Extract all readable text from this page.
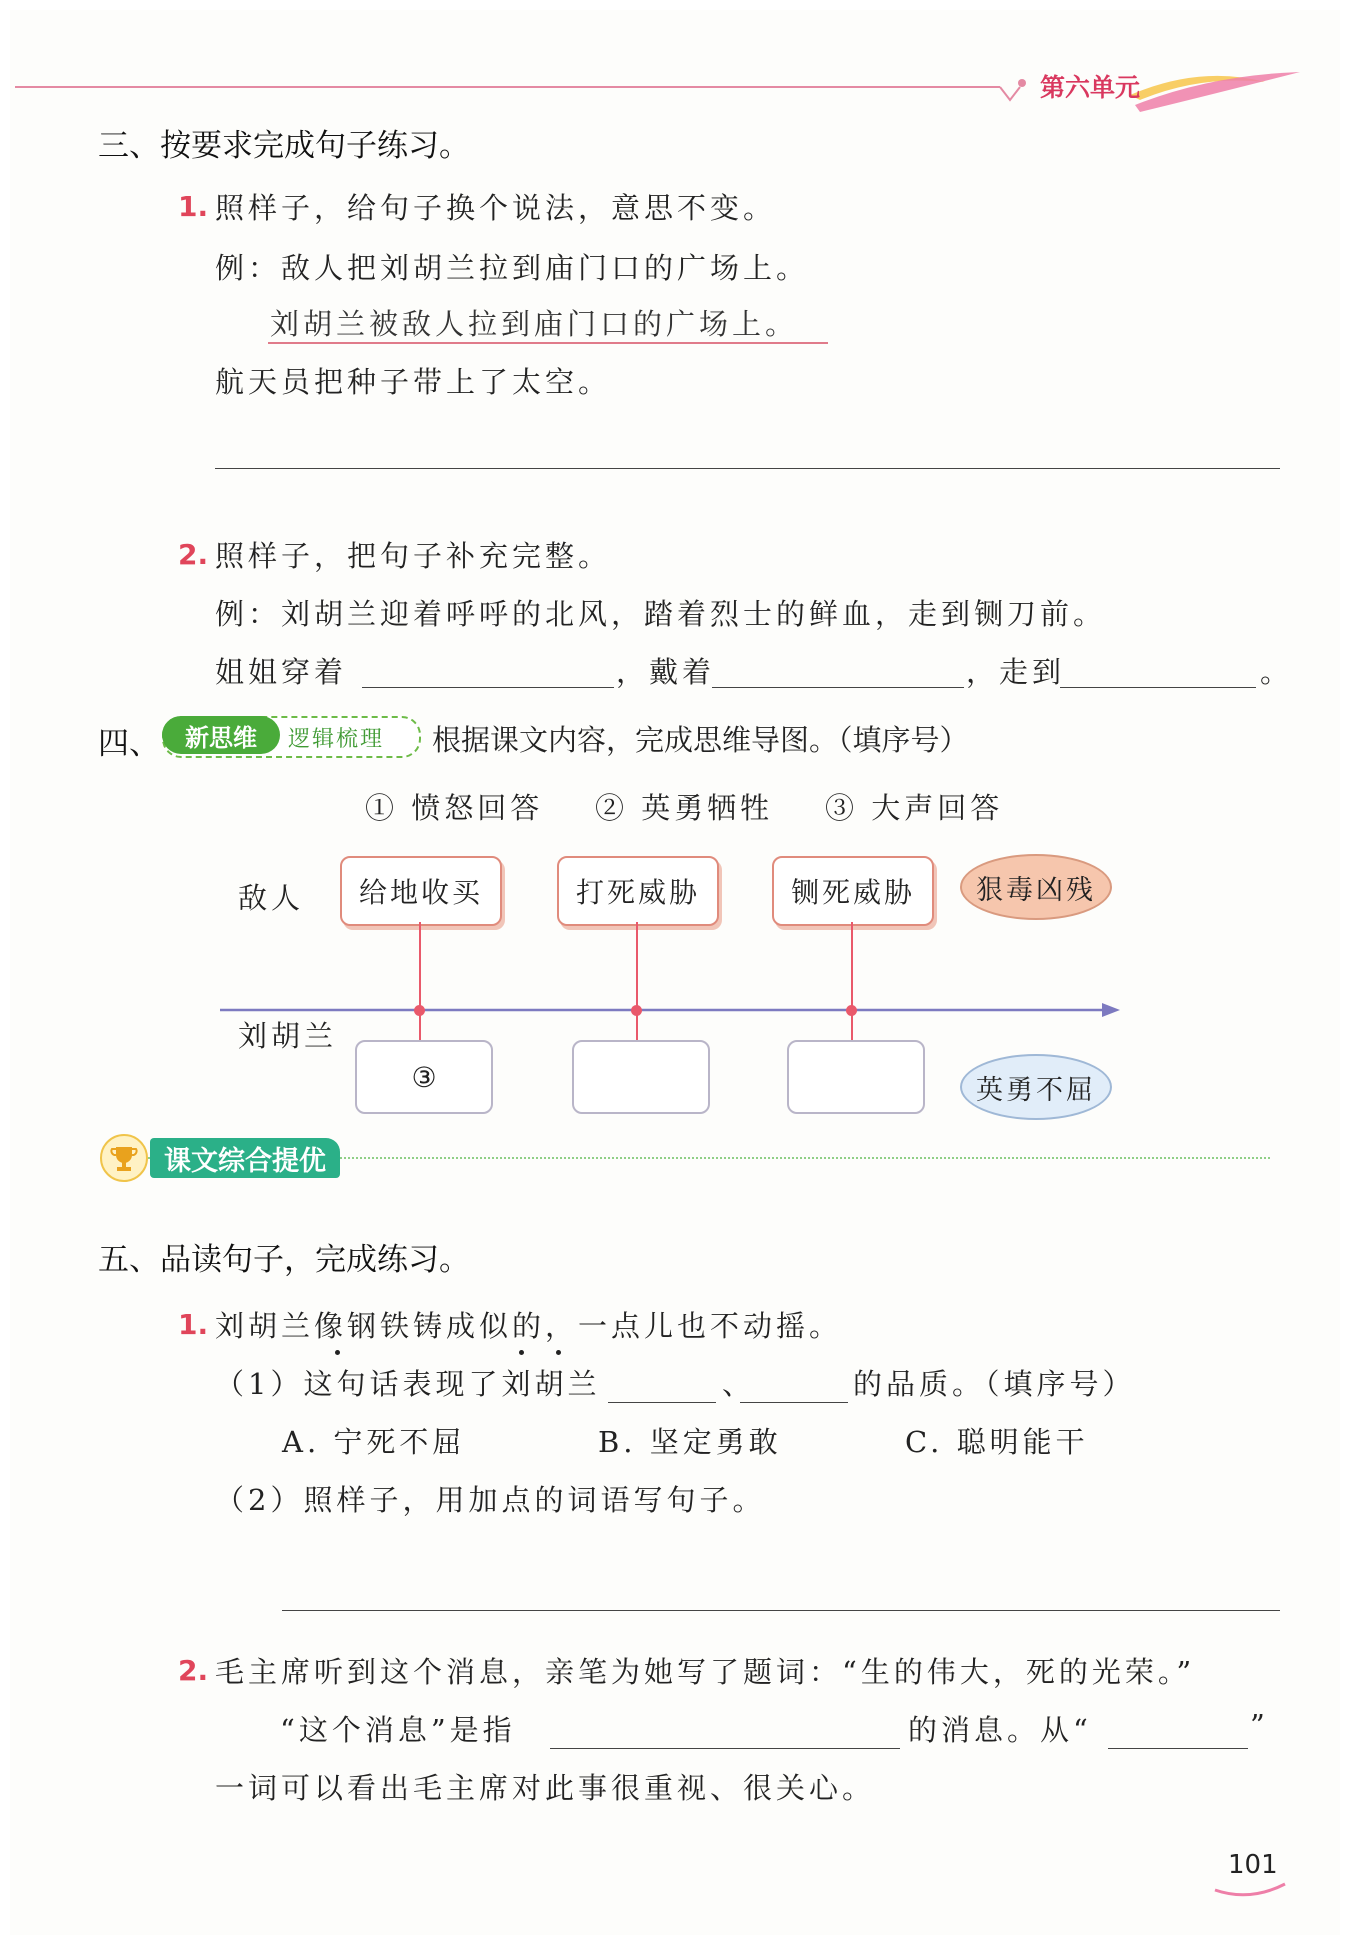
第六单元
三、按要求完成句子练习。
1. 照样子，给句子换个说法，意思不变。
例：敌人把刘胡兰拉到庙门口的广场上。
刘胡兰被敌人拉到庙门口的广场上。
航天员把种子带上了太空。
2. 照样子，把句子补充完整。
例：刘胡兰迎着呼呼的北风，踏着烈士的鲜血，走到铡刀前。
姐姐穿着	，戴着	，走到	。
四、	新思维	逻辑梳理 根据课文内容，完成思维导图。（填序号）
① 愤怒回答 ② 英勇牺牲 ③ 大声回答
敌人
刘胡兰
给地收买	打死威胁	铡死威胁	狠毒凶残
③	英勇不屈
课文综合提优
五、品读句子，完成练习。
1. 刘胡兰像钢铁铸成似的，一点儿也不动摇。
（1）这句话表现了刘胡兰	、	的品质。（填序号）
A. 宁死不屈	B. 坚定勇敢	C. 聪明能干
（2）照样子，用加点的词语写句子。
2. 毛主席听到这个消息，亲笔为她写了题词：“生的伟大，死的光荣。”
“这个消息”是指	的消息。从“	”
一词可以看出毛主席对此事很重视、很关心。
101
